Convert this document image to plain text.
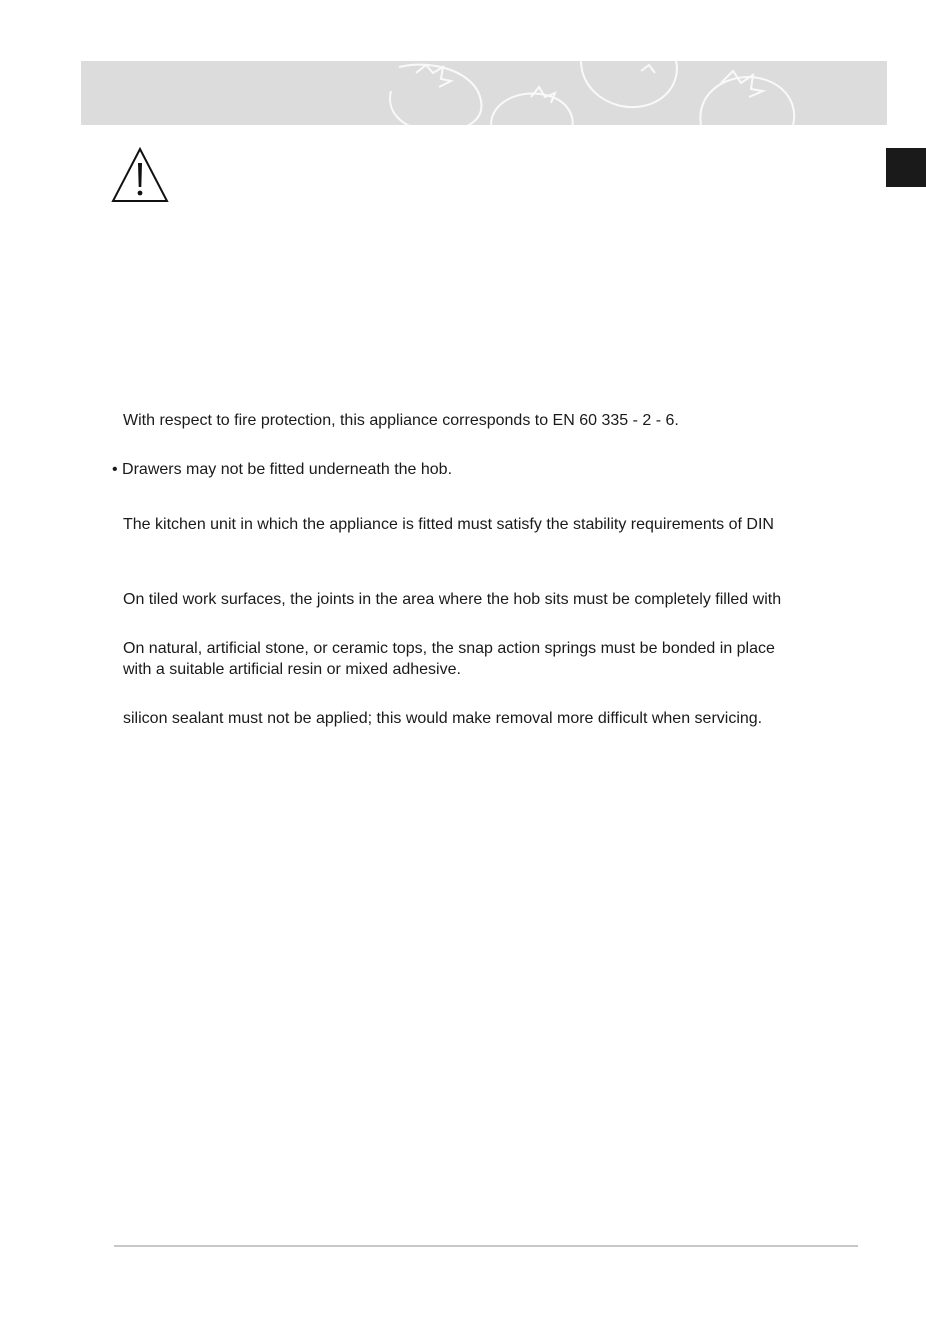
With respect to fire protection, this appliance corresponds to EN 60 335 - 2 - 6.
• Drawers may not be fitted underneath the hob.
The kitchen unit in which the appliance is fitted must satisfy the stability requirements of DIN
On tiled work surfaces, the joints in the area where the hob sits must be completely filled with
On natural, artificial stone, or ceramic tops, the snap action springs must be bonded in place
with a suitable artificial resin or mixed adhesive.
silicon sealant must not be applied; this would make removal more difficult when servicing.
